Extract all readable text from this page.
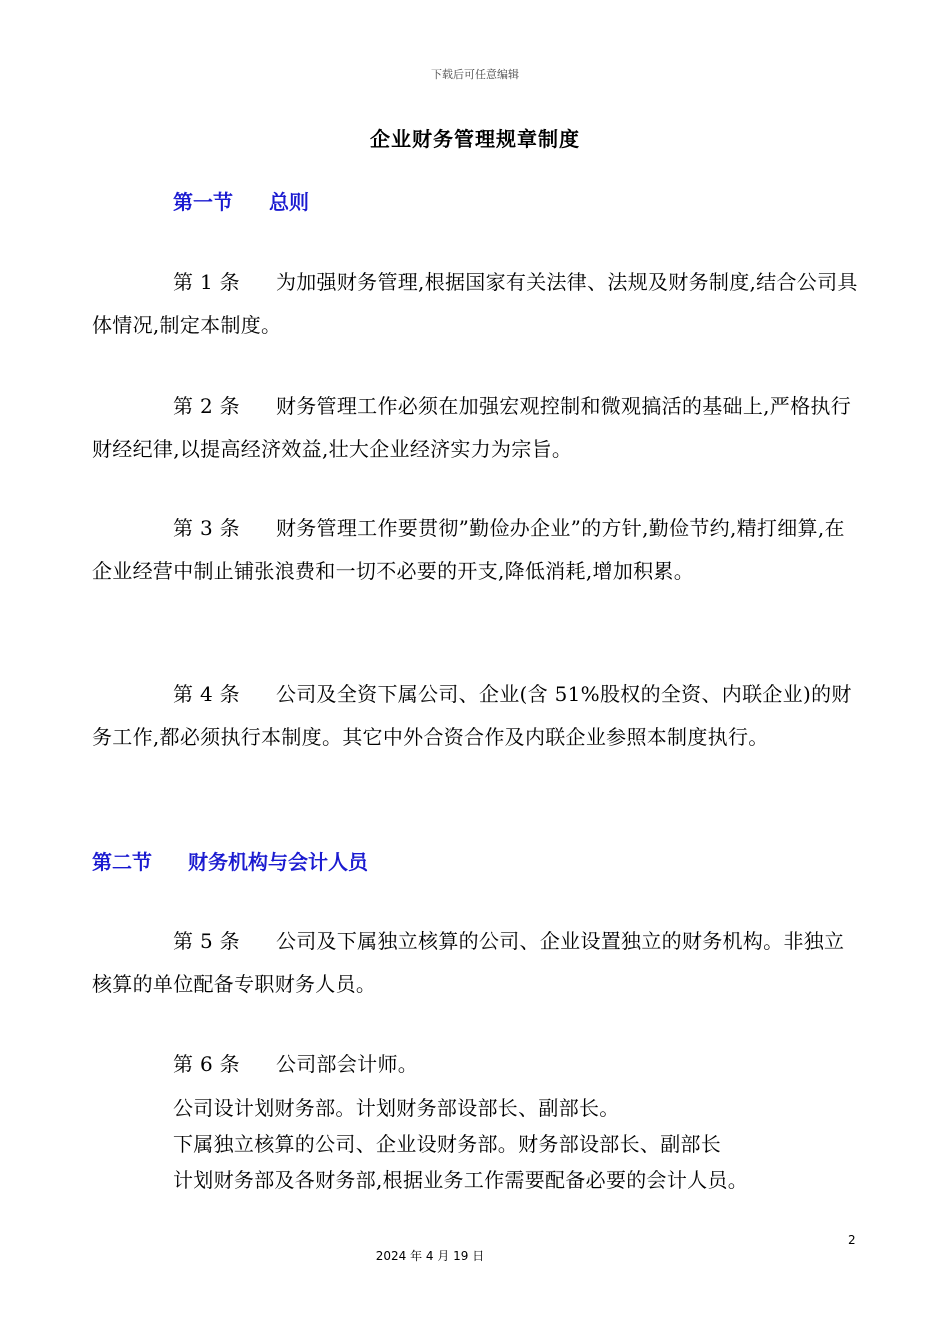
下载后可任意编辑
企业财务管理规章制度
第一节 总则
第 1 条 为加强财务管理,根据国家有关法律、法规及财务制度,结合公司具体情况,制定本制度。
第 2 条 财务管理工作必须在加强宏观控制和微观搞活的基础上,严格执行财经纪律,以提高经济效益,壮大企业经济实力为宗旨。
第 3 条 财务管理工作要贯彻”勤俭办企业”的方针,勤俭节约,精打细算,在企业经营中制止铺张浪费和一切不必要的开支,降低消耗,增加积累。
第 4 条 公司及全资下属公司、企业(含 51%股权的全资、内联企业)的财务工作,都必须执行本制度。其它中外合资合作及内联企业参照本制度执行。
第二节 财务机构与会计人员
第 5 条 公司及下属独立核算的公司、企业设置独立的财务机构。非独立核算的单位配备专职财务人员。
第 6 条 公司部会计师。
公司设计划财务部。计划财务部设部长、副部长。
下属独立核算的公司、企业设财务部。财务部设部长、副部长
计划财务部及各财务部,根据业务工作需要配备必要的会计人员。
2
2024 年 4 月 19 日
